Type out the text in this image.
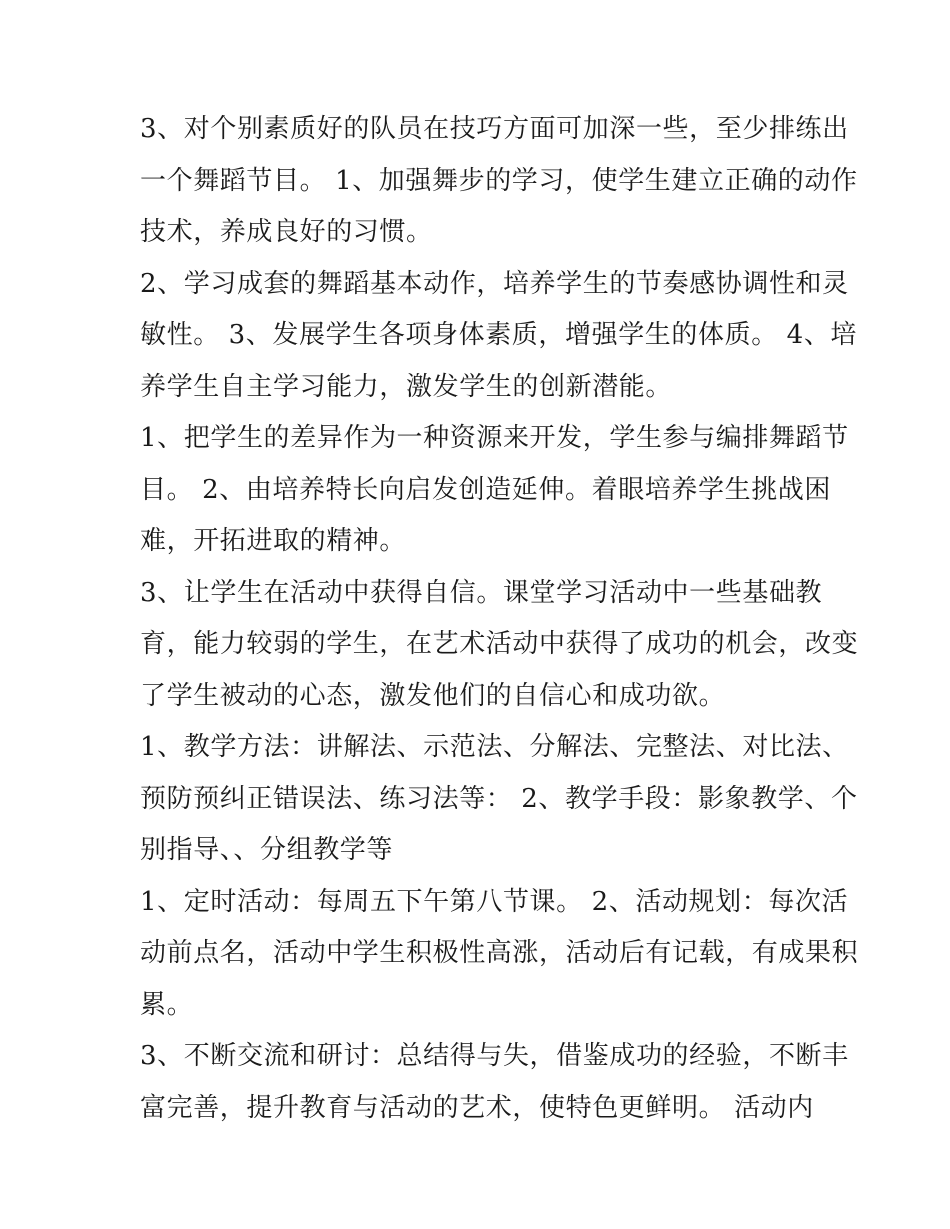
3、对个别素质好的队员在技巧方面可加深一些，至少排练出
一个舞蹈节目。 1、加强舞步的学习，使学生建立正确的动作
技术，养成良好的习惯。
2、学习成套的舞蹈基本动作，培养学生的节奏感协调性和灵
敏性。 3、发展学生各项身体素质，增强学生的体质。 4、培
养学生自主学习能力，激发学生的创新潜能。
1、把学生的差异作为一种资源来开发，学生参与编排舞蹈节
目。 2、由培养特长向启发创造延伸。着眼培养学生挑战困
难，开拓进取的精神。
3、让学生在活动中获得自信。课堂学习活动中一些基础教
育，能力较弱的学生，在艺术活动中获得了成功的机会，改变
了学生被动的心态，激发他们的自信心和成功欲。
1、教学方法：讲解法、示范法、分解法、完整法、对比法、
预防预纠正错误法、练习法等： 2、教学手段：影象教学、个
别指导、、分组教学等
1、定时活动：每周五下午第八节课。 2、活动规划：每次活
动前点名，活动中学生积极性高涨，活动后有记载，有成果积
累。
3、不断交流和研讨：总结得与失，借鉴成功的经验，不断丰
富完善，提升教育与活动的艺术，使特色更鲜明。 活动内
